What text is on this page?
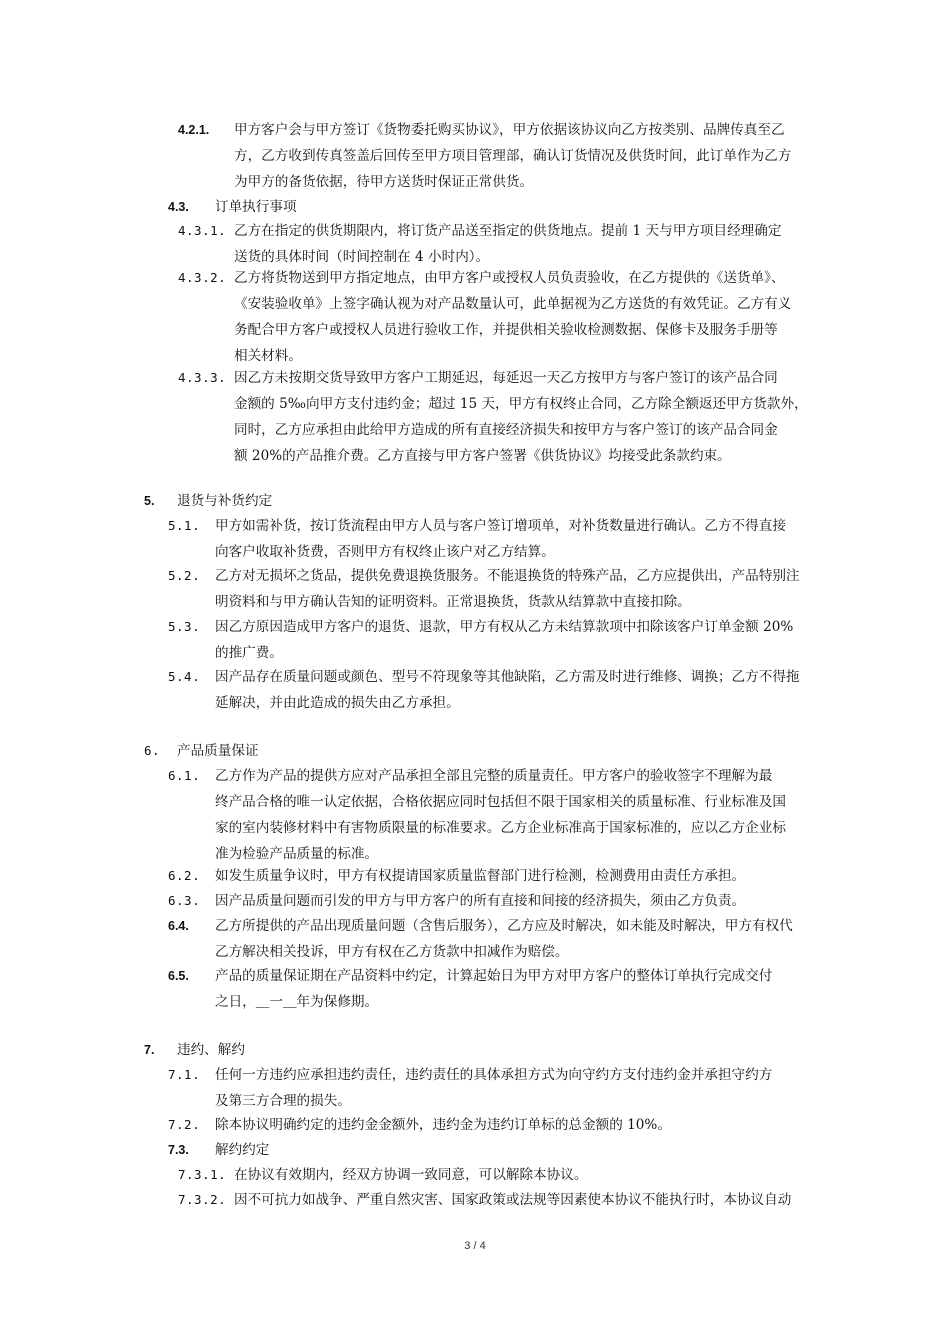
4.2.1. 甲方客户会与甲方签订《货物委托购买协议》，甲方依据该协议向乙方按类别、品牌传真至乙
方，乙方收到传真签盖后回传至甲方项目管理部，确认订货情况及供货时间，此订单作为乙方
为甲方的备货依据，待甲方送货时保证正常供货。
4.3. 订单执行事项
4.3.1. 乙方在指定的供货期限内，将订货产品送至指定的供货地点。提前 1 天与甲方项目经理确定
送货的具体时间（时间控制在 4 小时内）。
4.3.2. 乙方将货物送到甲方指定地点，由甲方客户或授权人员负责验收，在乙方提供的《送货单》、
《安装验收单》上签字确认视为对产品数量认可，此单据视为乙方送货的有效凭证。乙方有义
务配合甲方客户或授权人员进行验收工作，并提供相关验收检测数据、保修卡及服务手册等
相关材料。
4.3.3. 因乙方未按期交货导致甲方客户工期延迟，每延迟一天乙方按甲方与客户签订的该产品合同
金额的 5‰向甲方支付违约金；超过 15 天，甲方有权终止合同，乙方除全额返还甲方货款外，
同时，乙方应承担由此给甲方造成的所有直接经济损失和按甲方与客户签订的该产品合同金
额 20%的产品推介费。乙方直接与甲方客户签署《供货协议》均接受此条款约束。
5. 退货与补货约定
5.1. 甲方如需补货，按订货流程由甲方人员与客户签订增项单，对补货数量进行确认。乙方不得直接
向客户收取补货费，否则甲方有权终止该户对乙方结算。
5.2. 乙方对无损坏之货品，提供免费退换货服务。不能退换货的特殊产品，乙方应提供出，产品特别注
明资料和与甲方确认告知的证明资料。正常退换货，货款从结算款中直接扣除。
5.3. 因乙方原因造成甲方客户的退货、退款，甲方有权从乙方未结算款项中扣除该客户订单金额 20%
的推广费。
5.4. 因产品存在质量问题或颜色、型号不符现象等其他缺陷，乙方需及时进行维修、调换；乙方不得拖
延解决，并由此造成的损失由乙方承担。
6. 产品质量保证
6.1. 乙方作为产品的提供方应对产品承担全部且完整的质量责任。甲方客户的验收签字不理解为最
终产品合格的唯一认定依据，合格依据应同时包括但不限于国家相关的质量标准、行业标准及国
家的室内装修材料中有害物质限量的标准要求。乙方企业标准高于国家标准的，应以乙方企业标
准为检验产品质量的标准。
6.2. 如发生质量争议时，甲方有权提请国家质量监督部门进行检测，检测费用由责任方承担。
6.3. 因产品质量问题而引发的甲方与甲方客户的所有直接和间接的经济损失，须由乙方负责。
6.4. 乙方所提供的产品出现质量问题（含售后服务），乙方应及时解决，如未能及时解决，甲方有权代
乙方解决相关投诉，甲方有权在乙方货款中扣减作为赔偿。
6.5. 产品的质量保证期在产品资料中约定，计算起始日为甲方对甲方客户的整体订单执行完成交付
之日，＿一＿年为保修期。
7. 违约、解约
7.1. 任何一方违约应承担违约责任，违约责任的具体承担方式为向守约方支付违约金并承担守约方
及第三方合理的损失。
7.2. 除本协议明确约定的违约金金额外，违约金为违约订单标的总金额的 10%。
7.3. 解约约定
7.3.1. 在协议有效期内，经双方协调一致同意，可以解除本协议。
7.3.2. 因不可抗力如战争、严重自然灾害、国家政策或法规等因素使本协议不能执行时，本协议自动
3 / 4
